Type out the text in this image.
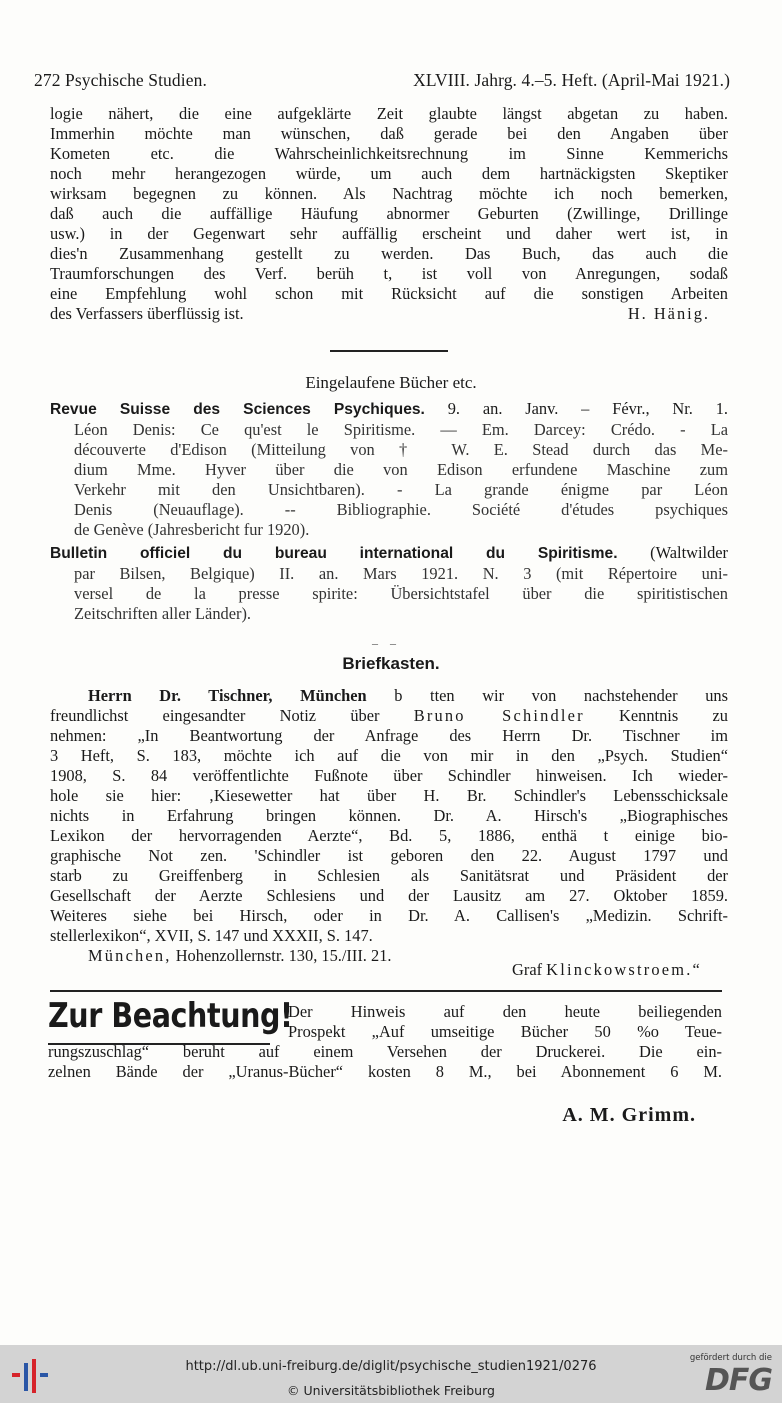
272 Psychische Studien.	XLVIII. Jahrg. 4.–5. Heft. (April-Mai 1921.)
logie nähert, die eine aufgeklärte Zeit glaubte längst abgetan zu haben.
Immerhin möchte man wünschen, daß gerade bei den Angaben über
Kometen etc. die Wahrscheinlichkeitsrechnung im Sinne Kemmerichs
noch mehr herangezogen würde, um auch dem hartnäckigsten Skeptiker
wirksam begegnen zu können. Als Nachtrag möchte ich noch bemerken,
daß auch die auffällige Häufung abnormer Geburten (Zwillinge, Drillinge
usw.) in der Gegenwart sehr auffällig erscheint und daher wert ist, in
dies'n Zusammenhang gestellt zu werden. Das Buch, das auch die
Traumforschungen des Verf. berüh t, ist voll von Anregungen, sodaß
eine Empfehlung wohl schon mit Rücksicht auf die sonstigen Arbeiten
des Verfassers überflüssig ist.	H. Hänig.
Eingelaufene Bücher etc.
Revue Suisse des Sciences Psychiques. 9. an. Janv. – Févr., Nr. 1.
Léon Denis: Ce qu'est le Spiritisme. — Em. Darcey: Crédo. - La
découverte d'Edison (Mitteilung von † W. E. Stead durch das Me-
dium Mme. Hyver über die von Edison erfundene Maschine zum
Verkehr mit den Unsichtbaren). - La grande énigme par Léon
Denis (Neuauflage). -- Bibliographie. Société d'études psychiques
de Genève (Jahresbericht fur 1920).
Bulletin officiel du bureau international du Spiritisme. (Waltwilder
par Bilsen, Belgique) II. an. Mars 1921. N. 3 (mit Répertoire uni-
versel de la presse spirite: Übersichtstafel über die spiritistischen
Zeitschriften aller Länder).
‒‒
Briefkasten.
Herrn Dr. Tischner, München b tten wir von nachstehender uns
freundlichst eingesandter Notiz über Bruno Schindler Kenntnis zu
nehmen: „In Beantwortung der Anfrage des Herrn Dr. Tischner im
3 Heft, S. 183, möchte ich auf die von mir in den „Psych. Studien“
1908, S. 84 veröffentlichte Fußnote über Schindler hinweisen. Ich wieder-
hole sie hier: ‚Kiesewetter hat über H. Br. Schindler's Lebensschicksale
nichts in Erfahrung bringen können. Dr. A. Hirsch's „Biographisches
Lexikon der hervorragenden Aerzte“, Bd. 5, 1886, enthä t einige bio-
graphische Not zen. 'Schindler ist geboren den 22. August 1797 und
starb zu Greiffenberg in Schlesien als Sanitätsrat und Präsident der
Gesellschaft der Aerzte Schlesiens und der Lausitz am 27. Oktober 1859.
Weiteres siehe bei Hirsch, oder in Dr. A. Callisen's „Medizin. Schrift-
stellerlexikon“, XVII, S. 147 und XXXII, S. 147.
München, Hohenzollernstr. 130, 15./III. 21.
Graf Klinckowstroem.“
Zur Beachtung!
Der Hinweis auf den heute beiliegenden
Prospekt „Auf umseitige Bücher 50 %o Teue-
rungszuschlag“ beruht auf einem Versehen der Druckerei. Die ein-
zelnen Bände der „Uranus-Bücher“ kosten 8 M., bei Abonnement 6 M.
A. M. Grimm.
http://dl.ub.uni-freiburg.de/diglit/psychische_studien1921/0276
© Universitätsbibliothek Freiburg
gefördert durch die
DFG
